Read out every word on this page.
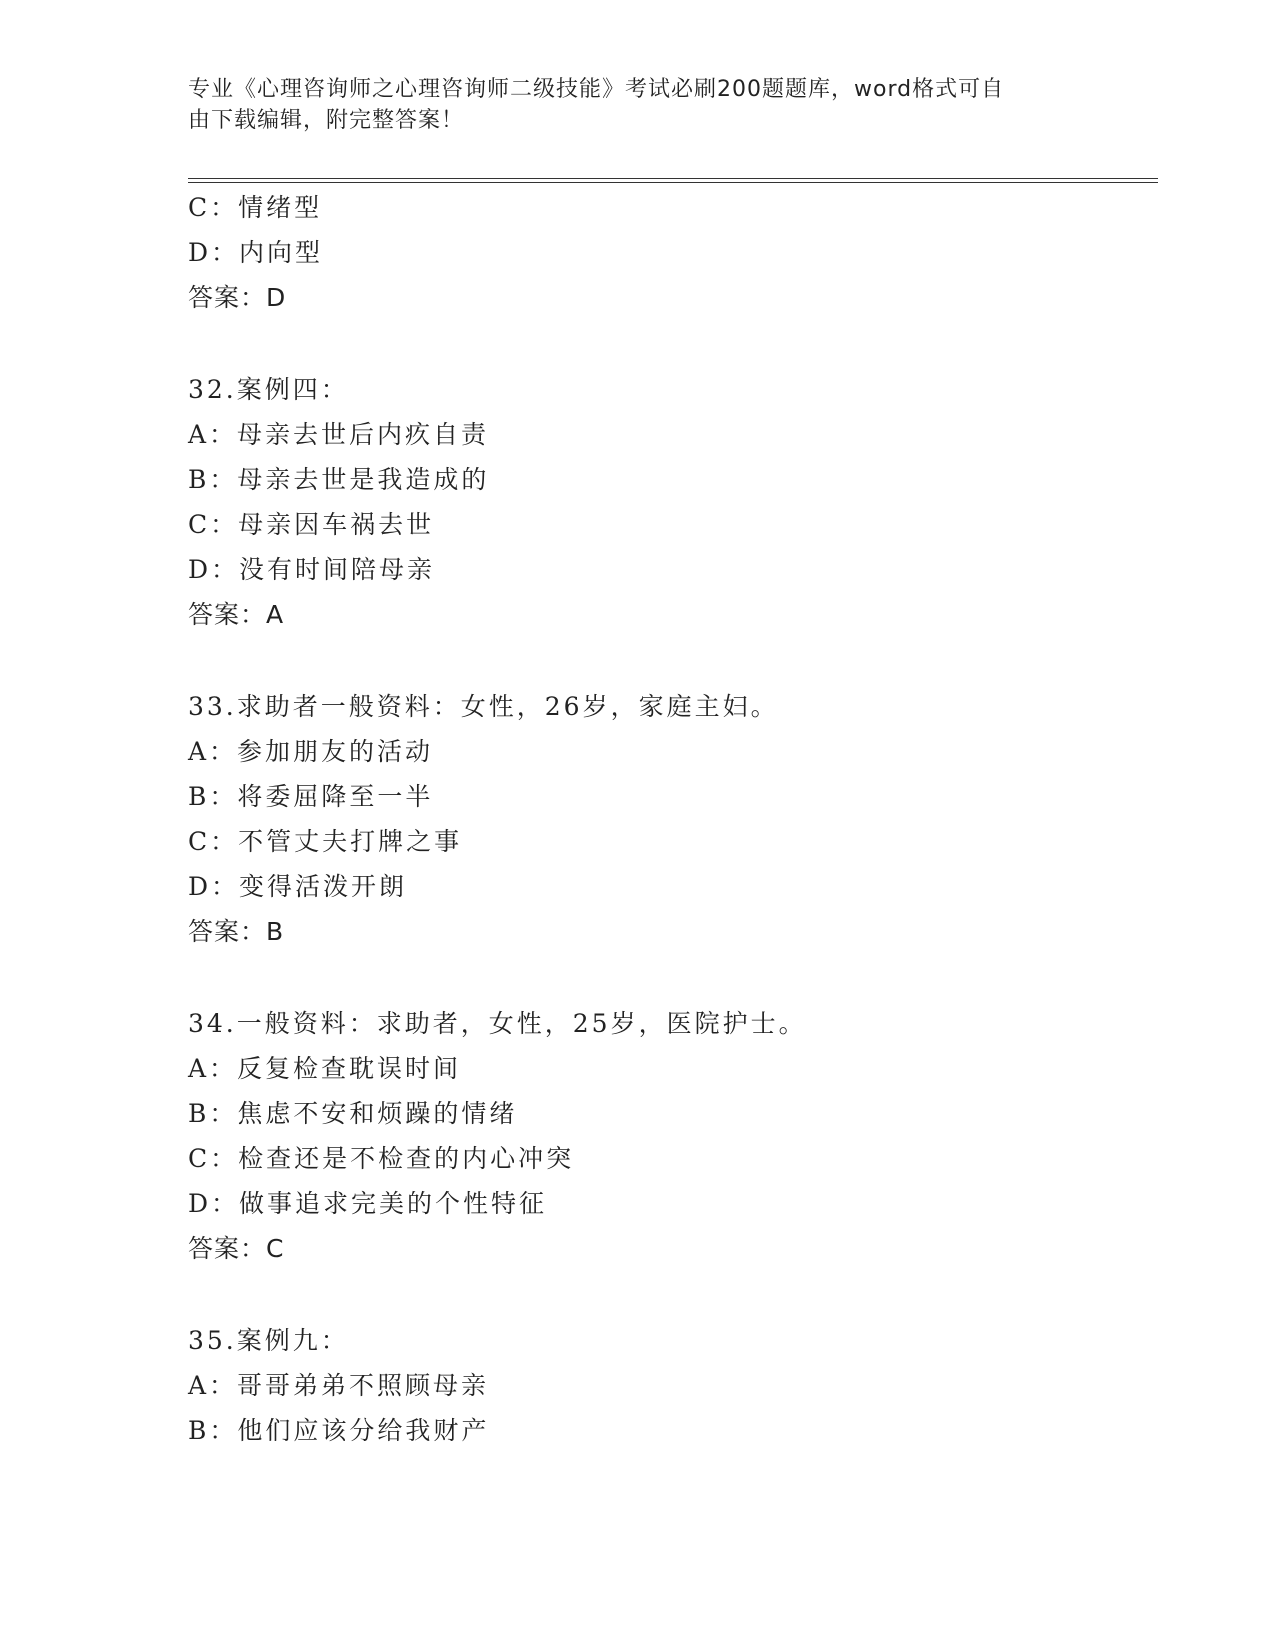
专业《心理咨询师之心理咨询师二级技能》考试必刷200题题库，word格式可自
由下载编辑，附完整答案！
C：情绪型
D：内向型
答案：D
32.案例四：
A：母亲去世后内疚自责
B：母亲去世是我造成的
C：母亲因车祸去世
D：没有时间陪母亲
答案：A
33.求助者一般资料：女性，26岁，家庭主妇。
A：参加朋友的活动
B：将委屈降至一半
C：不管丈夫打牌之事
D：变得活泼开朗
答案：B
34.一般资料：求助者，女性，25岁，医院护士。
A：反复检查耽误时间
B：焦虑不安和烦躁的情绪
C：检查还是不检查的内心冲突
D：做事追求完美的个性特征
答案：C
35.案例九：
A：哥哥弟弟不照顾母亲
B：他们应该分给我财产
